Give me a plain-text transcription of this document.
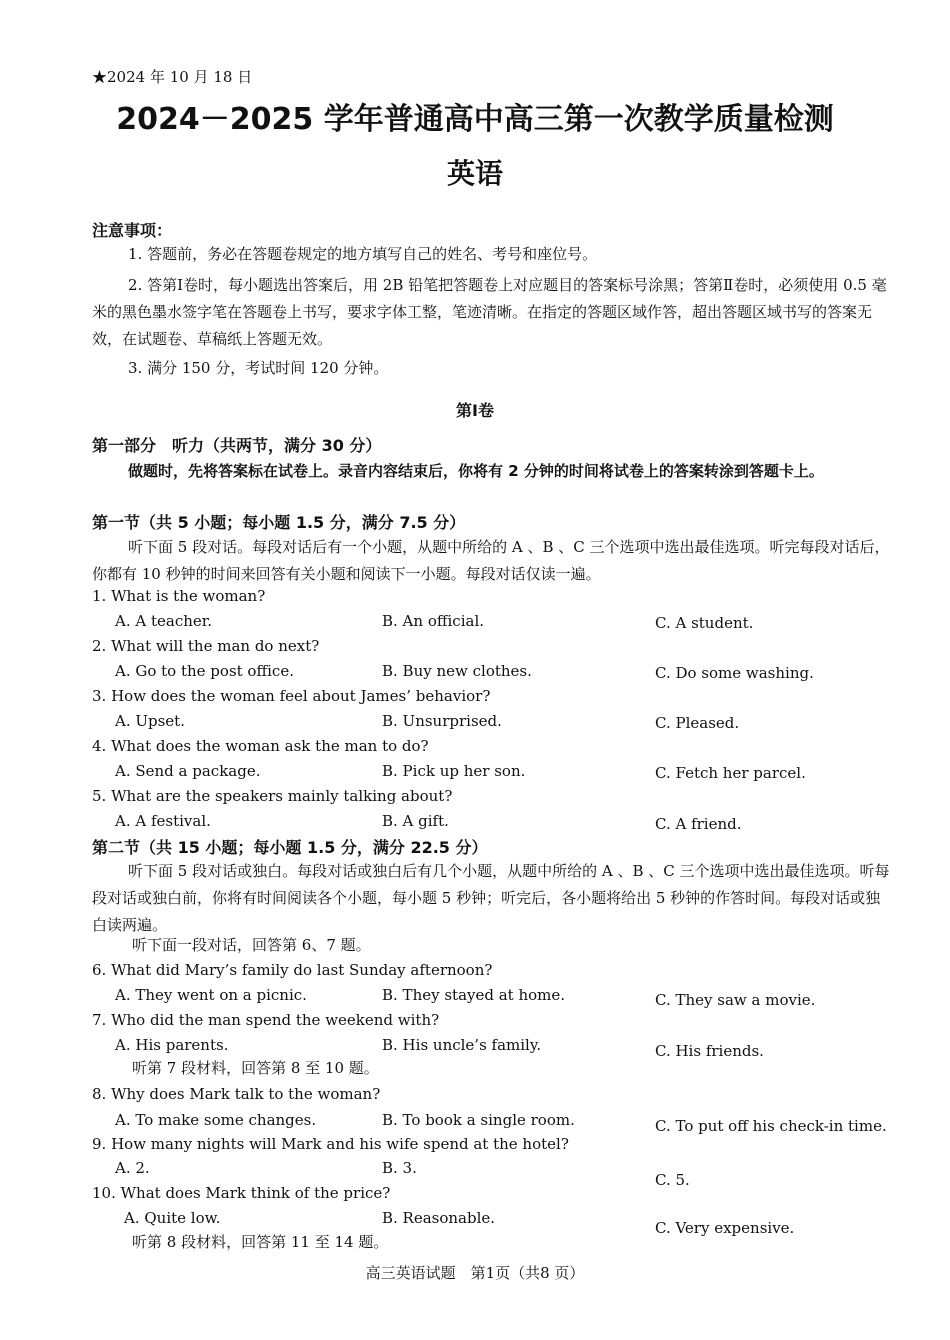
★2024 年 10 月 18 日
2024－2025 学年普通高中高三第一次教学质量检测
英语
注意事项：
1. 答题前，务必在答题卷规定的地方填写自己的姓名、考号和座位号。
2. 答第Ⅰ卷时，每小题选出答案后，用 2B 铅笔把答题卷上对应题目的答案标号涂黑；答第Ⅱ卷时，必须使用 0.5 毫米的黑色墨水签字笔在答题卷上书写，要求字体工整，笔迹清晰。在指定的答题区域作答，超出答题区域书写的答案无效，在试题卷、草稿纸上答题无效。
3. 满分 150 分，考试时间 120 分钟。
第Ⅰ卷
第一部分　听力（共两节，满分 30 分）
做题时，先将答案标在试卷上。录音内容结束后，你将有 2 分钟的时间将试卷上的答案转涂到答题卡上。
第一节（共 5 小题；每小题 1.5 分，满分 7.5 分）
听下面 5 段对话。每段对话后有一个小题，从题中所给的 A 、B 、C 三个选项中选出最佳选项。听完每段对话后，你都有 10 秒钟的时间来回答有关小题和阅读下一小题。每段对话仅读一遍。
1. What is the woman?
A. A teacher.	B. An official.	C. A student.
2. What will the man do next?
A. Go to the post office.	B. Buy new clothes.	C. Do some washing.
3. How does the woman feel about James’ behavior?
A. Upset.	B. Unsurprised.	C. Pleased.
4. What does the woman ask the man to do?
A. Send a package.	B. Pick up her son.	C. Fetch her parcel.
5. What are the speakers mainly talking about?
A. A festival.	B. A gift.	C. A friend.
第二节（共 15 小题；每小题 1.5 分，满分 22.5 分）
听下面 5 段对话或独白。每段对话或独白后有几个小题，从题中所给的 A 、B 、C 三个选项中选出最佳选项。听每段对话或独白前，你将有时间阅读各个小题，每小题 5 秒钟；听完后，各小题将给出 5 秒钟的作答时间。每段对话或独白读两遍。
听下面一段对话，回答第 6、7 题。
6. What did Mary’s family do last Sunday afternoon?
A. They went on a picnic.	B. They stayed at home.	C. They saw a movie.
7. Who did the man spend the weekend with?
A. His parents.	B. His uncle’s family.	C. His friends.
听第 7 段材料，回答第 8 至 10 题。
8. Why does Mark talk to the woman?
A. To make some changes.	B. To book a single room.	C. To put off his check-in time.
9. How many nights will Mark and his wife spend at the hotel?
A. 2.	B. 3.
C. 5.
10. What does Mark think of the price?
A. Quite low.	B. Reasonable.
C. Very expensive.
听第 8 段材料，回答第 11 至 14 题。
高三英语试题　第1页（共8 页）
